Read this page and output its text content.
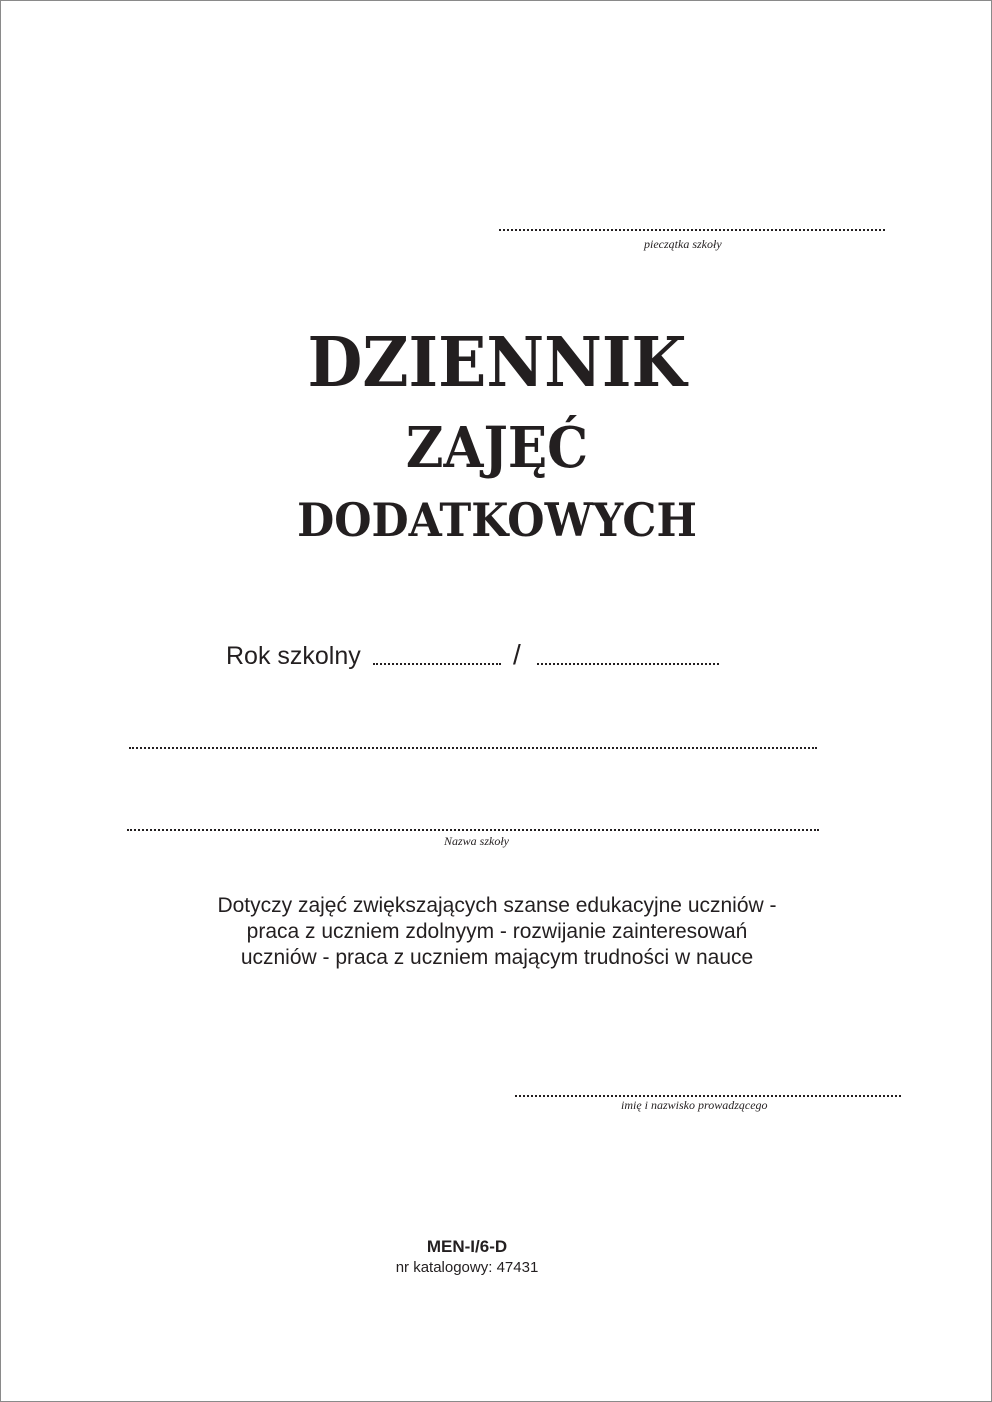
pieczątka szkoły
DZIENNIK
ZAJĘĆ
DODATKOWYCH
Rok szkolny	/
Nazwa szkoły
Dotyczy zajęć zwiększających szanse edukacyjne uczniów -
praca z uczniem zdolnyym - rozwijanie zainteresowań
uczniów - praca z uczniem mającym trudności w nauce
imię i nazwisko prowadzącego
MEN-I/6-D
nr katalogowy: 47431
